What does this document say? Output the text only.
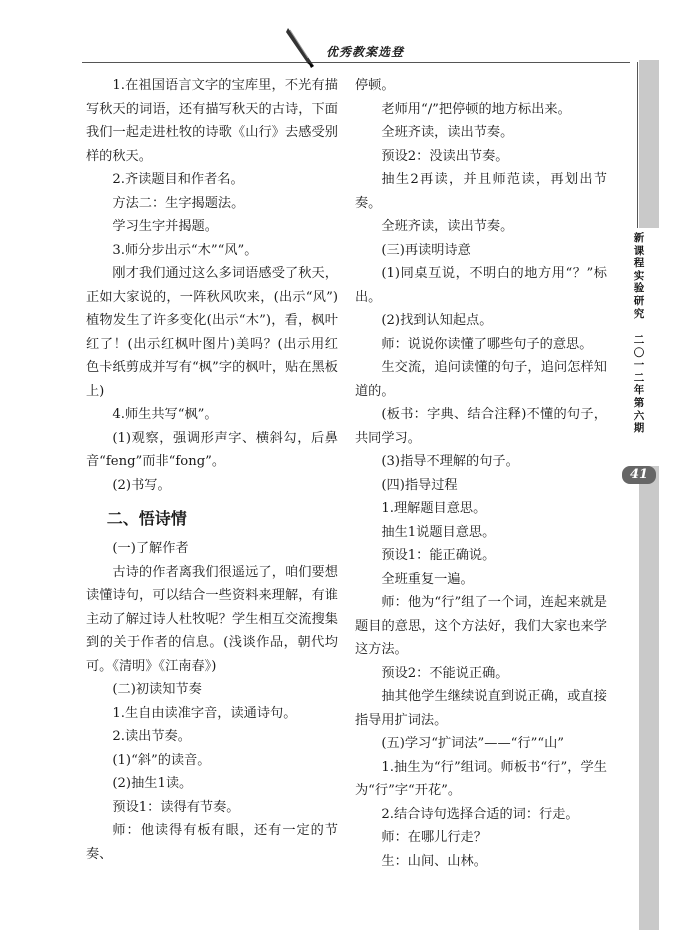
优秀教案选登
新
课
程
实
验
研
究
二
〇
一
二
年
第
六
期
41

1.在祖国语言文字的宝库里，不光有描写秋天的词语，还有描写秋天的古诗，下面我们一起走进杜牧的诗歌《山行》去感受别样的秋天。

2.齐读题目和作者名。

方法二：生字揭题法。

学习生字并揭题。

3.师分步出示“木”“风”。

刚才我们通过这么多词语感受了秋天，正如大家说的，一阵秋风吹来，(出示“风”)植物发生了许多变化(出示“木”)，看，枫叶红了！(出示红枫叶图片)美吗？(出示用红色卡纸剪成并写有“枫”字的枫叶，贴在黑板上)

4.师生共写“枫”。

(1)观察，强调形声字、横斜勾，后鼻音“feng”而非“fong”。

(2)书写。

二、悟诗情

(一)了解作者

古诗的作者离我们很遥远了，咱们要想读懂诗句，可以结合一些资料来理解，有谁主动了解过诗人杜牧呢？学生相互交流搜集到的关于作者的信息。(浅谈作品，朝代均可。《清明》《江南春》)

(二)初读知节奏

1.生自由读准字音，读通诗句。

2.读出节奏。

(1)“斜”的读音。

(2)抽生1读。

预设1：读得有节奏。

师：他读得有板有眼，还有一定的节奏、

停顿。

老师用“/”把停顿的地方标出来。

全班齐读，读出节奏。

预设2：没读出节奏。

抽生2再读，并且师范读，再划出节奏。

全班齐读，读出节奏。

(三)再读明诗意

(1)同桌互说，不明白的地方用“？”标出。

(2)找到认知起点。

师：说说你读懂了哪些句子的意思。

生交流，追问读懂的句子，追问怎样知道的。

(板书：字典、结合注释)不懂的句子，共同学习。

(3)指导不理解的句子。

(四)指导过程

1.理解题目意思。

抽生1说题目意思。

预设1：能正确说。

全班重复一遍。

师：他为“行”组了一个词，连起来就是题目的意思，这个方法好，我们大家也来学这方法。

预设2：不能说正确。

抽其他学生继续说直到说正确，或直接指导用扩词法。

(五)学习“扩词法”——“行”“山”

1.抽生为“行”组词。师板书“行”，学生为“行”字“开花”。

2.结合诗句选择合适的词：行走。

师：在哪儿行走？

生：山间、山林。
